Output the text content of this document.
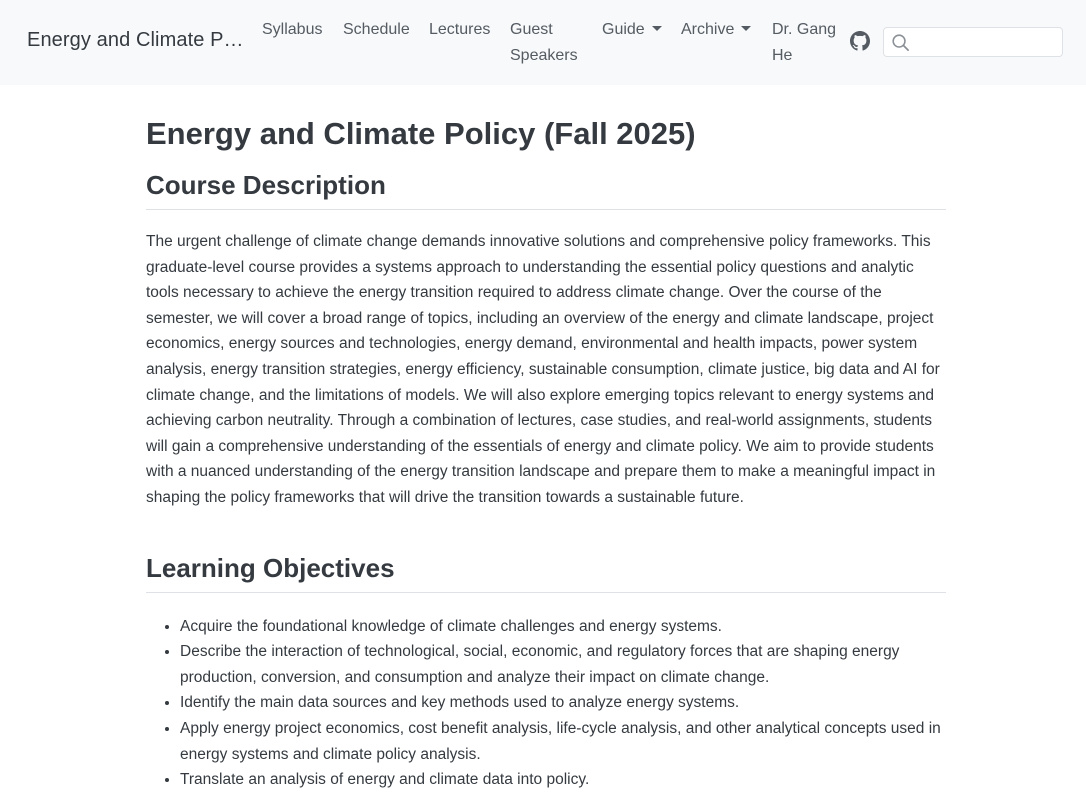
Energy and Climate P… Syllabus Schedule Lectures Guest
Speakers
Guide	Archive	Dr. Gang
He
Energy and Climate Policy (Fall 2025)
Course Description

The urgent challenge of climate change demands innovative solutions and comprehensive policy frameworks. This graduate-level course provides a systems approach to understanding the essential policy questions and analytic tools necessary to achieve the energy transition required to address climate change. Over the course of the semester, we will cover a broad range of topics, including an overview of the energy and climate landscape, project economics, energy sources and technologies, energy demand, environmental and health impacts, power system analysis, energy transition strategies, energy efficiency, sustainable consumption, climate justice, big data and AI for climate change, and the limitations of models. We will also explore emerging topics relevant to energy systems and achieving carbon neutrality. Through a combination of lectures, case studies, and real-world assignments, students will gain a comprehensive understanding of the essentials of energy and climate policy. We aim to provide students with a nuanced understanding of the energy transition landscape and prepare them to make a meaningful impact in shaping the policy frameworks that will drive the transition towards a sustainable future.

Learning Objectives
• Acquire the foundational knowledge of climate challenges and energy systems.
• Describe the interaction of technological, social, economic, and regulatory forces that are shaping energy production, conversion, and consumption and analyze their impact on climate change.
• Identify the main data sources and key methods used to analyze energy systems.
• Apply energy project economics, cost benefit analysis, life-cycle analysis, and other analytical concepts used in energy systems and climate policy analysis.
• Translate an analysis of energy and climate data into policy.
